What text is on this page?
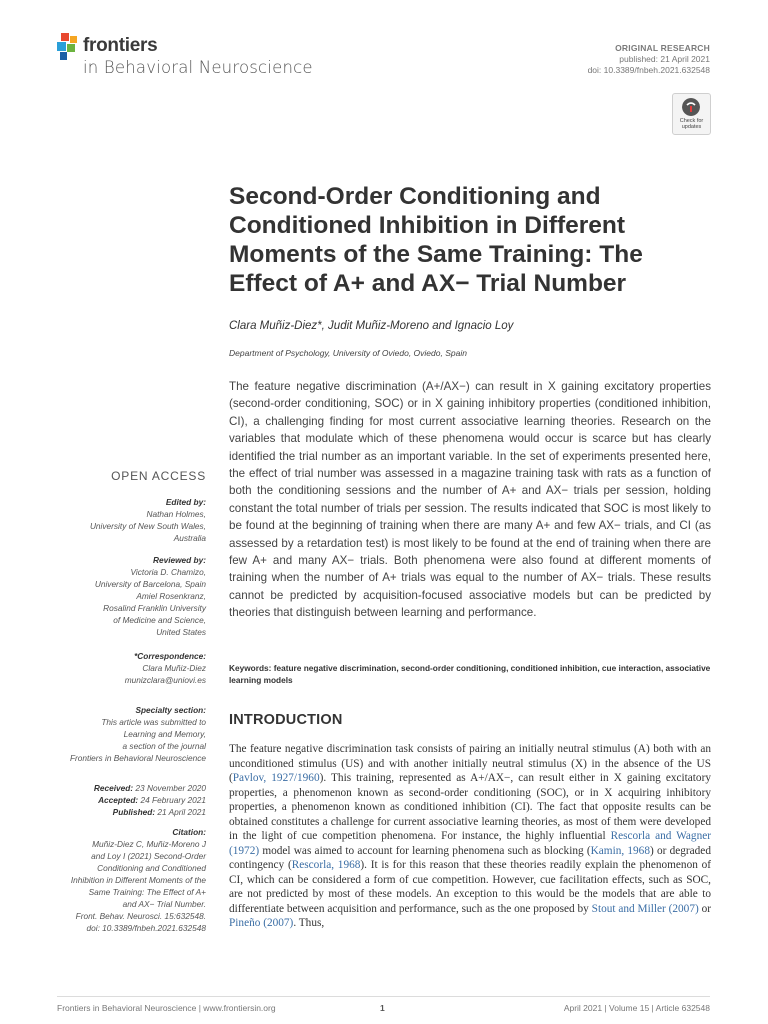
frontiers
in Behavioral Neuroscience
ORIGINAL RESEARCH
published: 21 April 2021
doi: 10.3389/fnbeh.2021.632548
Check for updates
Second-Order Conditioning and Conditioned Inhibition in Different Moments of the Same Training: The Effect of A+ and AX− Trial Number
Clara Muñiz-Diez*, Judit Muñiz-Moreno and Ignacio Loy
Department of Psychology, University of Oviedo, Oviedo, Spain

The feature negative discrimination (A+/AX−) can result in X gaining excitatory properties (second-order conditioning, SOC) or in X gaining inhibitory properties (conditioned inhibition, CI), a challenging finding for most current associative learning theories. Research on the variables that modulate which of these phenomena would occur is scarce but has clearly identified the trial number as an important variable. In the set of experiments presented here, the effect of trial number was assessed in a magazine training task with rats as a function of both the conditioning sessions and the number of A+ and AX− trials per session, holding constant the total number of trials per session. The results indicated that SOC is most likely to be found at the beginning of training when there are many A+ and few AX− trials, and CI (as assessed by a retardation test) is most likely to be found at the end of training when there are few A+ and many AX− trials. Both phenomena were also found at different moments of training when the number of A+ trials was equal to the number of AX− trials. These results cannot be predicted by acquisition-focused associative models but can be predicted by theories that distinguish between learning and performance.

Keywords: feature negative discrimination, second-order conditioning, conditioned inhibition, cue interaction, associative learning models
OPEN ACCESS
Edited by:
Nathan Holmes,
University of New South Wales,
Australia
Reviewed by:
Victoria D. Chamizo,
University of Barcelona, Spain
Amiel Rosenkranz,
Rosalind Franklin University
of Medicine and Science,
United States
*Correspondence:
Clara Muñiz-Diez
munizclara@uniovi.es
Specialty section:
This article was submitted to
Learning and Memory,
a section of the journal
Frontiers in Behavioral Neuroscience
Received: 23 November 2020
Accepted: 24 February 2021
Published: 21 April 2021
Citation:
Muñiz-Diez C, Muñiz-Moreno J
and Loy I (2021) Second-Order
Conditioning and Conditioned
Inhibition in Different Moments of the
Same Training: The Effect of A+
and AX− Trial Number.
Front. Behav. Neurosci. 15:632548.
doi: 10.3389/fnbeh.2021.632548
INTRODUCTION

The feature negative discrimination task consists of pairing an initially neutral stimulus (A) both with an unconditioned stimulus (US) and with another initially neutral stimulus (X) in the absence of the US (Pavlov, 1927/1960). This training, represented as A+/AX−, can result either in X gaining excitatory properties, a phenomenon known as second-order conditioning (SOC), or in X acquiring inhibitory properties, a phenomenon known as conditioned inhibition (CI). The fact that opposite results can be obtained constitutes a challenge for current associative learning theories, as most of them were developed in the light of cue competition phenomena. For instance, the highly influential Rescorla and Wagner (1972) model was aimed to account for learning phenomena such as blocking (Kamin, 1968) or degraded contingency (Rescorla, 1968). It is for this reason that these theories readily explain the phenomenon of CI, which can be considered a form of cue competition. However, cue facilitation effects, such as SOC, are not predicted by most of these models. An exception to this would be the models that are able to differentiate between acquisition and performance, such as the one proposed by Stout and Miller (2007) or Pineño (2007). Thus,

Frontiers in Behavioral Neuroscience | www.frontiersin.org	1	April 2021 | Volume 15 | Article 632548
